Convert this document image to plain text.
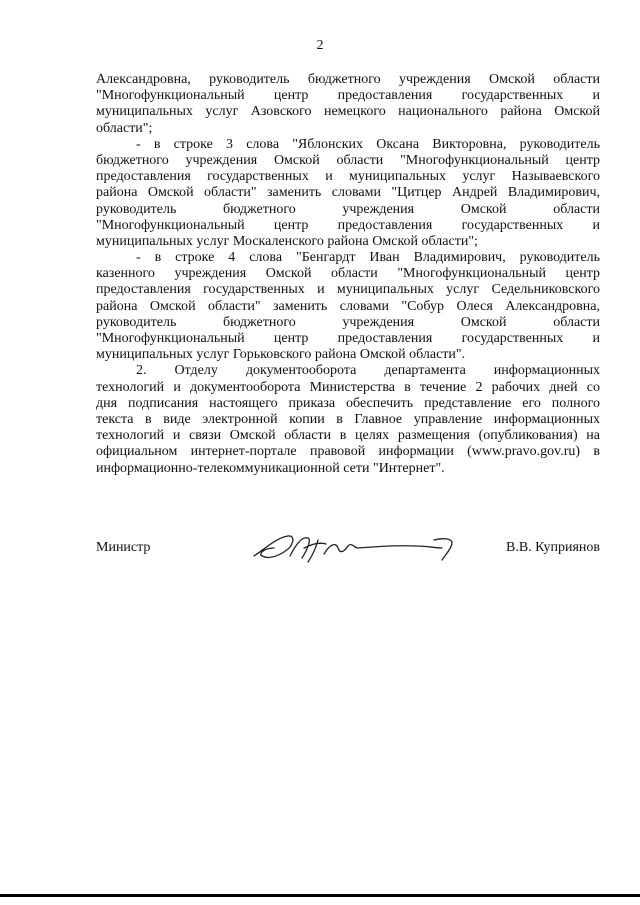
2
Александровна, руководитель бюджетного учреждения Омской области
"Многофункциональный центр предоставления государственных и
муниципальных услуг Азовского немецкого национального района Омской
области";
- в строке 3 слова "Яблонских Оксана Викторовна, руководитель
бюджетного учреждения Омской области "Многофункциональный центр
предоставления государственных и муниципальных услуг Называевского
района Омской области" заменить словами "Цитцер Андрей Владимирович,
руководитель бюджетного учреждения Омской области
"Многофункциональный центр предоставления государственных и
муниципальных услуг Москаленского района Омской области";
- в строке 4 слова "Бенгардт Иван Владимирович, руководитель
казенного учреждения Омской области "Многофункциональный центр
предоставления государственных и муниципальных услуг Седельниковского
района Омской области" заменить словами "Собур Олеся Александровна,
руководитель бюджетного учреждения Омской области
"Многофункциональный центр предоставления государственных и
муниципальных услуг Горьковского района Омской области".
2. Отделу документооборота департамента информационных
технологий и документооборота Министерства в течение 2 рабочих дней со
дня подписания настоящего приказа обеспечить представление его полного
текста в виде электронной копии в Главное управление информационных
технологий и связи Омской области в целях размещения (опубликования) на
официальном интернет-портале правовой информации (www.pravo.gov.ru) в
информационно-телекоммуникационной сети "Интернет".
Министр	В.В. Куприянов
